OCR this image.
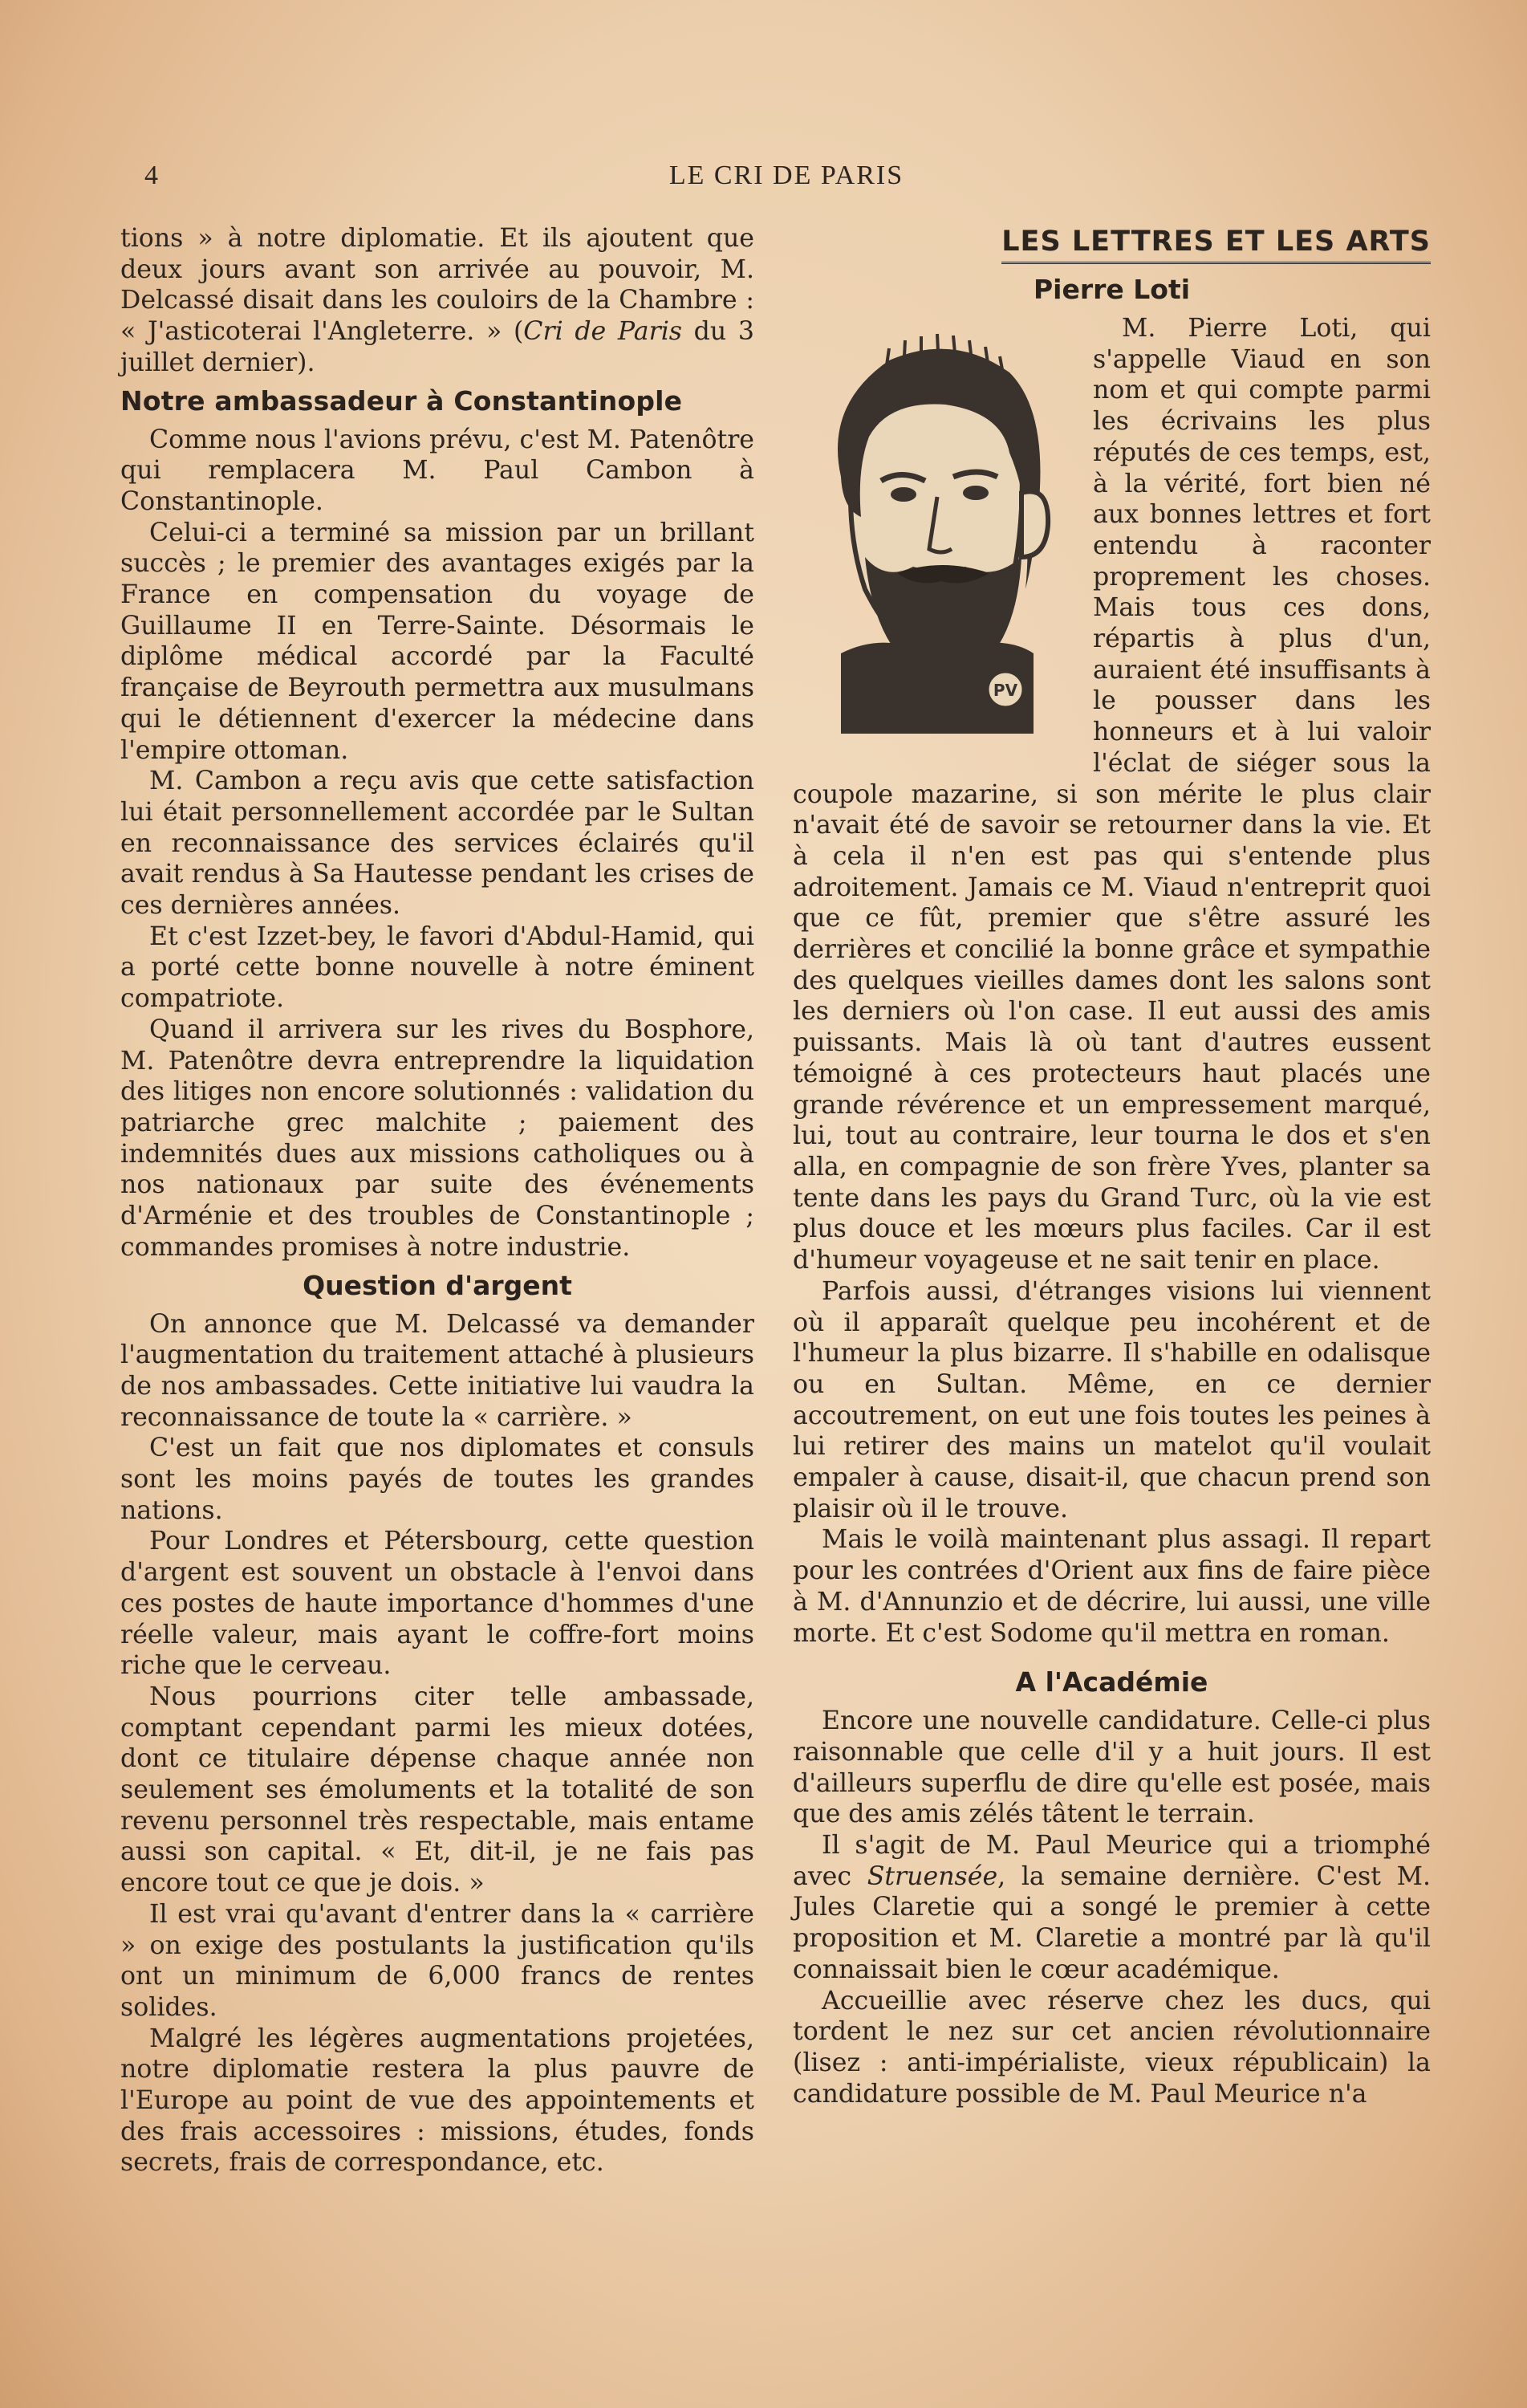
4	LE CRI DE PARIS

tions » à notre diplomatie. Et ils ajoutent que deux jours avant son arrivée au pouvoir, M. Delcassé disait dans les couloirs de la Chambre : « J'asticoterai l'Angleterre. » (Cri de Paris du 3 juillet dernier).

Notre ambassadeur à Constantinople

Comme nous l'avions prévu, c'est M. Patenôtre qui remplacera M. Paul Cambon à Constantinople.

Celui-ci a terminé sa mission par un brillant succès ; le premier des avantages exigés par la France en compensation du voyage de Guillaume II en Terre-Sainte. Désormais le diplôme médical accordé par la Faculté française de Beyrouth permettra aux musulmans qui le détiennent d'exercer la médecine dans l'empire ottoman.

M. Cambon a reçu avis que cette satisfaction lui était personnellement accordée par le Sultan en reconnaissance des services éclairés qu'il avait rendus à Sa Hautesse pendant les crises de ces dernières années.

Et c'est Izzet-bey, le favori d'Abdul-Hamid, qui a porté cette bonne nouvelle à notre éminent compatriote.

Quand il arrivera sur les rives du Bosphore, M. Patenôtre devra entreprendre la liquidation des litiges non encore solutionnés : validation du patriarche grec malchite ; paiement des indemnités dues aux missions catholiques ou à nos nationaux par suite des événements d'Arménie et des troubles de Constantinople ; commandes promises à notre industrie.

Question d'argent

On annonce que M. Delcassé va demander l'augmentation du traitement attaché à plusieurs de nos ambassades. Cette initiative lui vaudra la reconnaissance de toute la « carrière. »

C'est un fait que nos diplomates et consuls sont les moins payés de toutes les grandes nations.

Pour Londres et Pétersbourg, cette question d'argent est souvent un obstacle à l'envoi dans ces postes de haute importance d'hommes d'une réelle valeur, mais ayant le coffre-fort moins riche que le cerveau.

Nous pourrions citer telle ambassade, comptant cependant parmi les mieux dotées, dont ce titulaire dépense chaque année non seulement ses émoluments et la totalité de son revenu personnel très respectable, mais entame aussi son capital. « Et, dit-il, je ne fais pas encore tout ce que je dois. »

Il est vrai qu'avant d'entrer dans la « carrière » on exige des postulants la justification qu'ils ont un minimum de 6,000 francs de rentes solides.

Malgré les légères augmentations projetées, notre diplomatie restera la plus pauvre de l'Europe au point de vue des appointements et des frais accessoires : missions, études, fonds secrets, frais de correspondance, etc.

LES LETTRES ET LES ARTS
Pierre Loti
PV

M. Pierre Loti, qui s'appelle Viaud en son nom et qui compte parmi les écrivains les plus réputés de ces temps, est, à la vérité, fort bien né aux bonnes lettres et fort entendu à raconter proprement les choses. Mais tous ces dons, répartis à plus d'un, auraient été insuffisants à le pousser dans les honneurs et à lui valoir l'éclat de siéger sous la coupole mazarine, si son mérite le plus clair n'avait été de savoir se retourner dans la vie. Et à cela il n'en est pas qui s'entende plus adroitement. Jamais ce M. Viaud n'entreprit quoi que ce fût, premier que s'être assuré les derrières et concilié la bonne grâce et sympathie des quelques vieilles dames dont les salons sont les derniers où l'on case. Il eut aussi des amis puissants. Mais là où tant d'autres eussent témoigné à ces protecteurs haut placés une grande révérence et un empressement marqué, lui, tout au contraire, leur tourna le dos et s'en alla, en compagnie de son frère Yves, planter sa tente dans les pays du Grand Turc, où la vie est plus douce et les mœurs plus faciles. Car il est d'humeur voyageuse et ne sait tenir en place.

Parfois aussi, d'étranges visions lui viennent où il apparaît quelque peu incohérent et de l'humeur la plus bizarre. Il s'habille en odalisque ou en Sultan. Même, en ce dernier accoutrement, on eut une fois toutes les peines à lui retirer des mains un matelot qu'il voulait empaler à cause, disait-il, que chacun prend son plaisir où il le trouve.

Mais le voilà maintenant plus assagi. Il repart pour les contrées d'Orient aux fins de faire pièce à M. d'Annunzio et de décrire, lui aussi, une ville morte. Et c'est Sodome qu'il mettra en roman.

A l'Académie

Encore une nouvelle candidature. Celle-ci plus raisonnable que celle d'il y a huit jours. Il est d'ailleurs superflu de dire qu'elle est posée, mais que des amis zélés tâtent le terrain.

Il s'agit de M. Paul Meurice qui a triomphé avec Struensée, la semaine dernière. C'est M. Jules Claretie qui a songé le premier à cette proposition et M. Claretie a montré par là qu'il connaissait bien le cœur académique.

Accueillie avec réserve chez les ducs, qui tordent le nez sur cet ancien révolutionnaire (lisez : anti-impérialiste, vieux républicain) la candidature possible de M. Paul Meurice n'a
